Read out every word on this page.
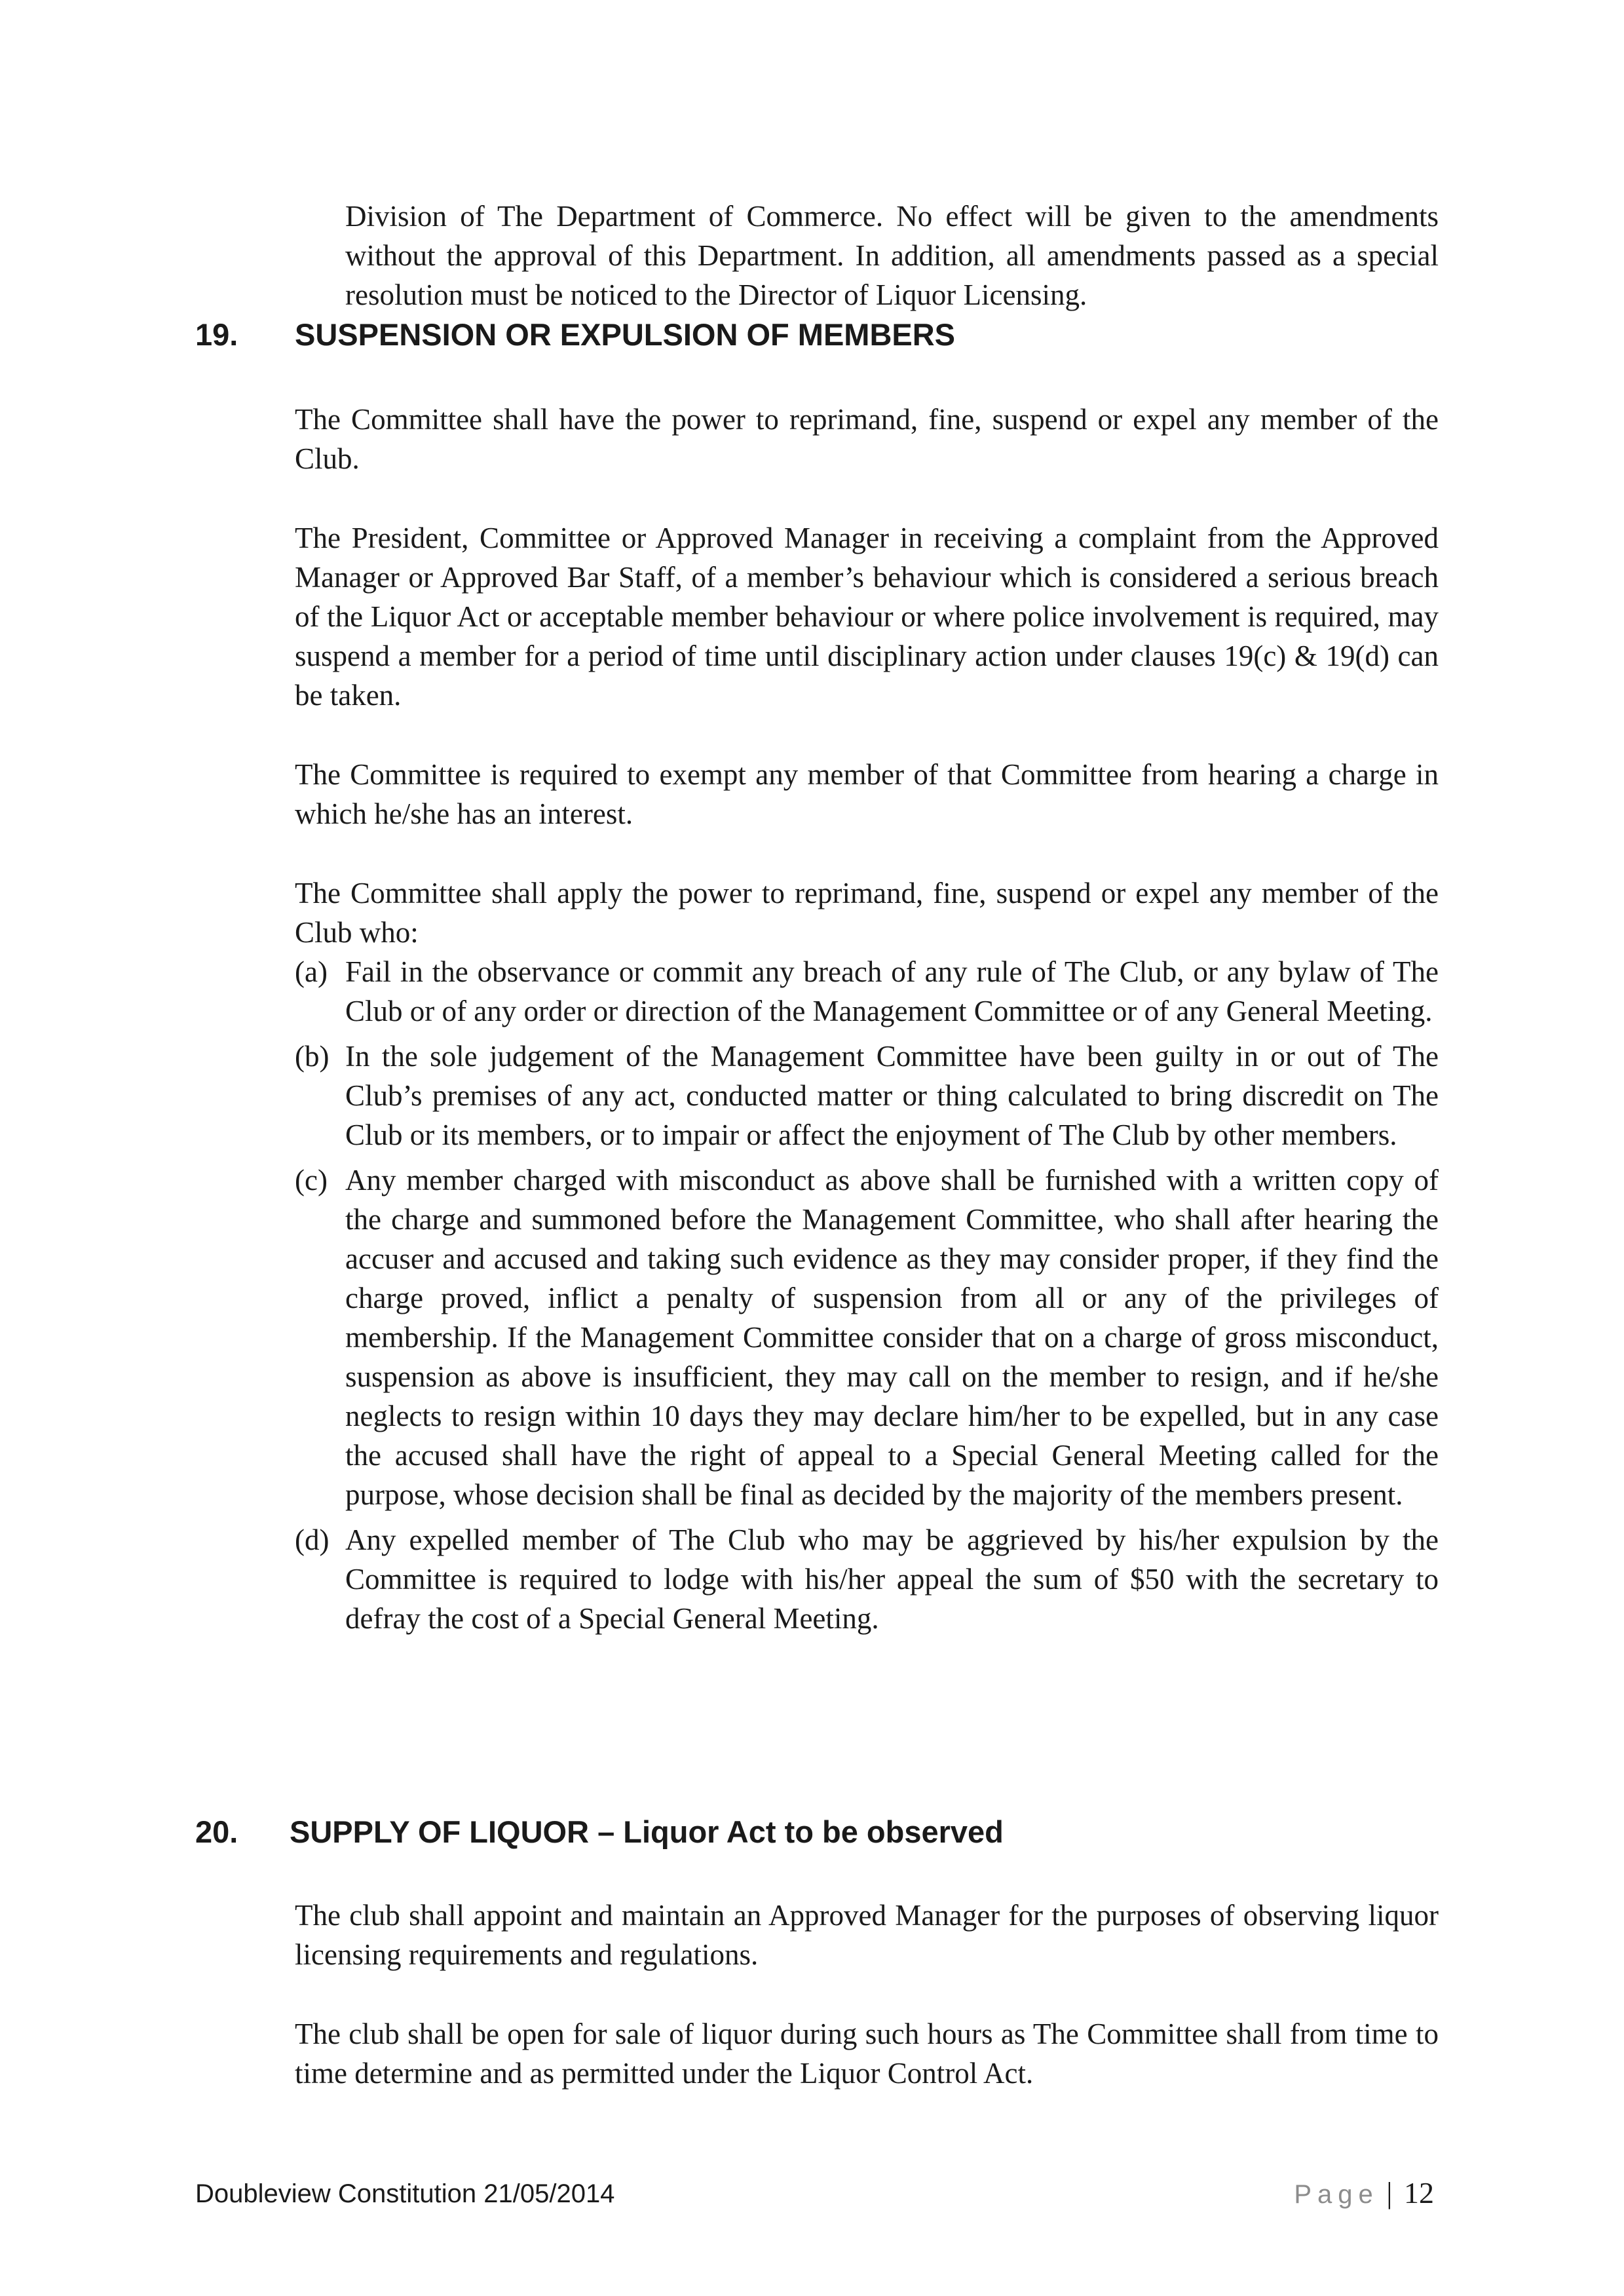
Division of The Department of Commerce. No effect will be given to the amendments without the approval of this Department. In addition, all amendments passed as a special resolution must be noticed to the Director of Liquor Licensing.

19. SUSPENSION OR EXPULSION OF MEMBERS

The Committee shall have the power to reprimand, fine, suspend or expel any member of the Club.

The President, Committee or Approved Manager in receiving a complaint from the Approved Manager or Approved Bar Staff, of a member’s behaviour which is considered a serious breach of the Liquor Act or acceptable member behaviour or where police involvement is required, may suspend a member for a period of time until disciplinary action under clauses 19(c) & 19(d) can be taken.

The Committee is required to exempt any member of that Committee from hearing a charge in which he/she has an interest.

The Committee shall apply the power to reprimand, fine, suspend or expel any member of the Club who:

(a) Fail in the observance or commit any breach of any rule of The Club, or any bylaw of The Club or of any order or direction of the Management Committee or of any General Meeting.
(b) In the sole judgement of the Management Committee have been guilty in or out of The Club’s premises of any act, conducted matter or thing calculated to bring discredit on The Club or its members, or to impair or affect the enjoyment of The Club by other members.
(c) Any member charged with misconduct as above shall be furnished with a written copy of the charge and summoned before the Management Committee, who shall after hearing the accuser and accused and taking such evidence as they may consider proper, if they find the charge proved, inflict a penalty of suspension from all or any of the privileges of membership. If the Management Committee consider that on a charge of gross misconduct, suspension as above is insufficient, they may call on the member to resign, and if he/she neglects to resign within 10 days they may declare him/her to be expelled, but in any case the accused shall have the right of appeal to a Special General Meeting called for the purpose, whose decision shall be final as decided by the majority of the members present.
(d) Any expelled member of The Club who may be aggrieved by his/her expulsion by the Committee is required to lodge with his/her appeal the sum of $50 with the secretary to defray the cost of a Special General Meeting.
20. SUPPLY OF LIQUOR – Liquor Act to be observed

The club shall appoint and maintain an Approved Manager for the purposes of observing liquor licensing requirements and regulations.

The club shall be open for sale of liquor during such hours as The Committee shall from time to time determine and as permitted under the Liquor Control Act.

Doubleview Constitution 21/05/2014	Page | 12
